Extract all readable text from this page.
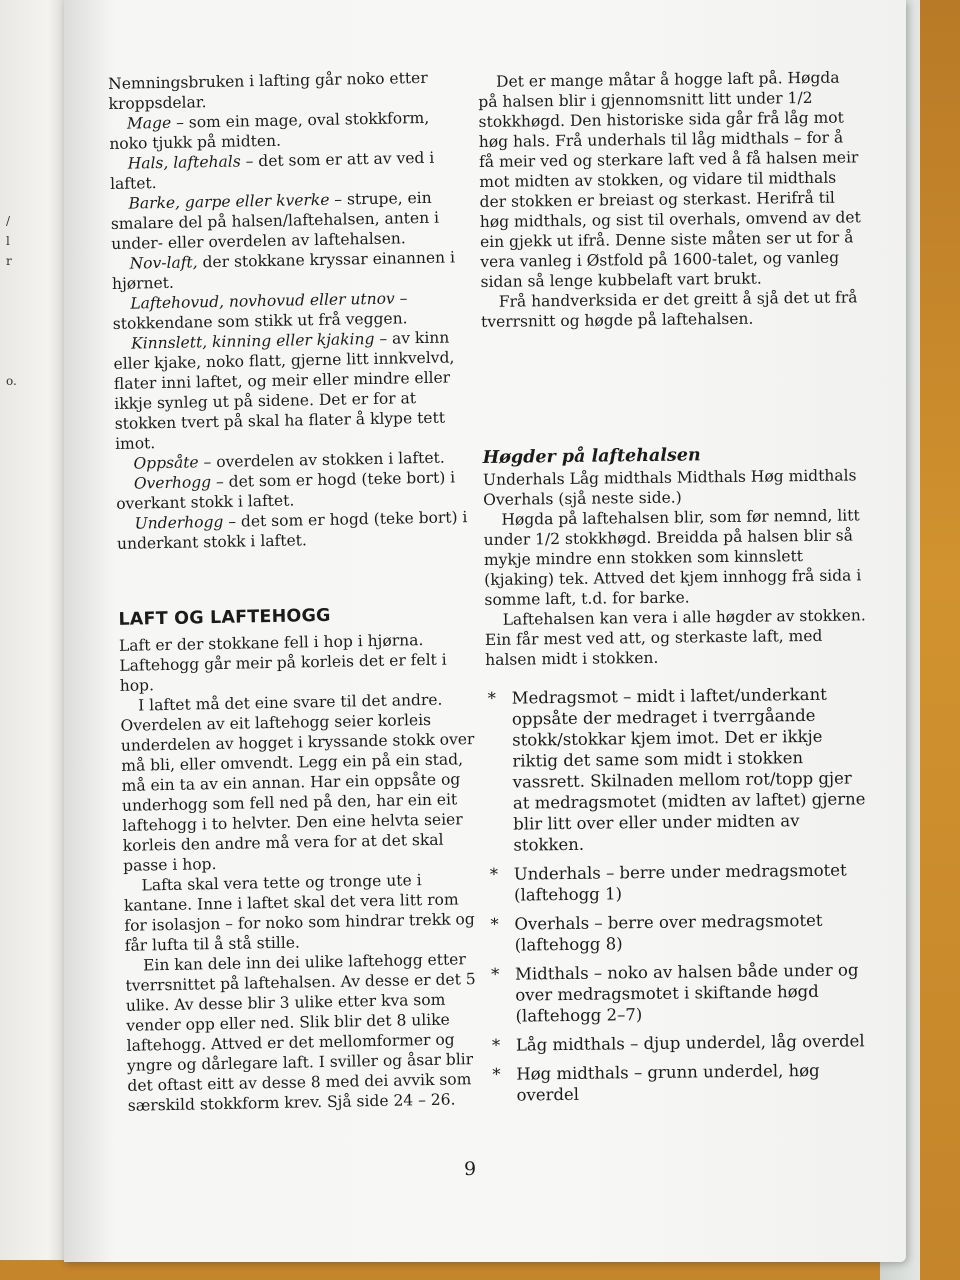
/
l
r
o.

Nemningsbruken i lafting går noko etter kroppsdelar.

Mage – som ein mage, oval stokkform, noko tjukk på midten.

Hals, laftehals – det som er att av ved i laftet.

Barke, garpe eller kverke – strupe, ein smalare del på halsen/laftehalsen, anten i under- eller overdelen av laftehalsen.

Nov-laft, der stokkane kryssar einannen i hjørnet.

Laftehovud, novhovud eller utnov – stokkendane som stikk ut frå veggen.

Kinnslett, kinning eller kjaking – av kinn eller kjake, noko flatt, gjerne litt innkvelvd, flater inni laftet, og meir eller mindre eller ikkje synleg ut på sidene. Det er for at stokken tvert på skal ha flater å klype tett imot.

Oppsåte – overdelen av stokken i laftet.

Overhogg – det som er hogd (teke bort) i overkant stokk i laftet.

Underhogg – det som er hogd (teke bort) i underkant stokk i laftet.

LAFT OG LAFTEHOGG

Laft er der stokkane fell i hop i hjørna. Laftehogg går meir på korleis det er felt i hop.

I laftet må det eine svare til det andre. Overdelen av eit laftehogg seier korleis underdelen av hogget i kryssande stokk over må bli, eller omvendt. Legg ein på ein stad, må ein ta av ein annan. Har ein oppsåte og underhogg som fell ned på den, har ein eit laftehogg i to helvter. Den eine helvta seier korleis den andre må vera for at det skal passe i hop.

Lafta skal vera tette og tronge ute i kantane. Inne i laftet skal det vera litt rom for isolasjon – for noko som hindrar trekk og får lufta til å stå stille.

Ein kan dele inn dei ulike laftehogg etter tverrsnittet på laftehalsen. Av desse er det 5 ulike. Av desse blir 3 ulike etter kva som vender opp eller ned. Slik blir det 8 ulike laftehogg. Attved er det mellomformer og yngre og dårlegare laft. I sviller og åsar blir det oftast eitt av desse 8 med dei avvik som særskild stokkform krev. Sjå side 24 – 26.

Det er mange måtar å hogge laft på. Høgda på halsen blir i gjennomsnitt litt under 1/2 stokkhøgd. Den historiske sida går frå låg mot høg hals. Frå underhals til låg midthals – for å få meir ved og sterkare laft ved å få halsen meir mot midten av stokken, og vidare til midthals der stokken er breiast og sterkast. Herifrå til høg midthals, og sist til overhals, omvend av det ein gjekk ut ifrå. Denne siste måten ser ut for å vera vanleg i Østfold på 1600-talet, og vanleg sidan så lenge kubbelaft vart brukt.

Frå handverksida er det greitt å sjå det ut frå tverrsnitt og høgde på laftehalsen.

Høgder på laftehalsen

Underhals Låg midthals Midthals Høg midthals Overhals (sjå neste side.)

Høgda på laftehalsen blir, som før nemnd, litt under 1/2 stokkhøgd. Breidda på halsen blir så mykje mindre enn stokken som kinnslett (kjaking) tek. Attved det kjem innhogg frå sida i somme laft, t.d. for barke.

Laftehalsen kan vera i alle høgder av stokken. Ein får mest ved att, og sterkaste laft, med halsen midt i stokken.

* Medragsmot – midt i laftet/underkant oppsåte der medraget i tverrgåande stokk/stokkar kjem imot. Det er ikkje riktig det same som midt i stokken vassrett. Skilnaden mellom rot/topp gjer at medragsmotet (midten av laftet) gjerne blir litt over eller under midten av stokken.
* Underhals – berre under medragsmotet (laftehogg 1)
* Overhals – berre over medragsmotet (laftehogg 8)
* Midthals – noko av halsen både under og over medragsmotet i skiftande høgd (laftehogg 2–7)
* Låg midthals – djup underdel, låg overdel
* Høg midthals – grunn underdel, høg overdel
9
